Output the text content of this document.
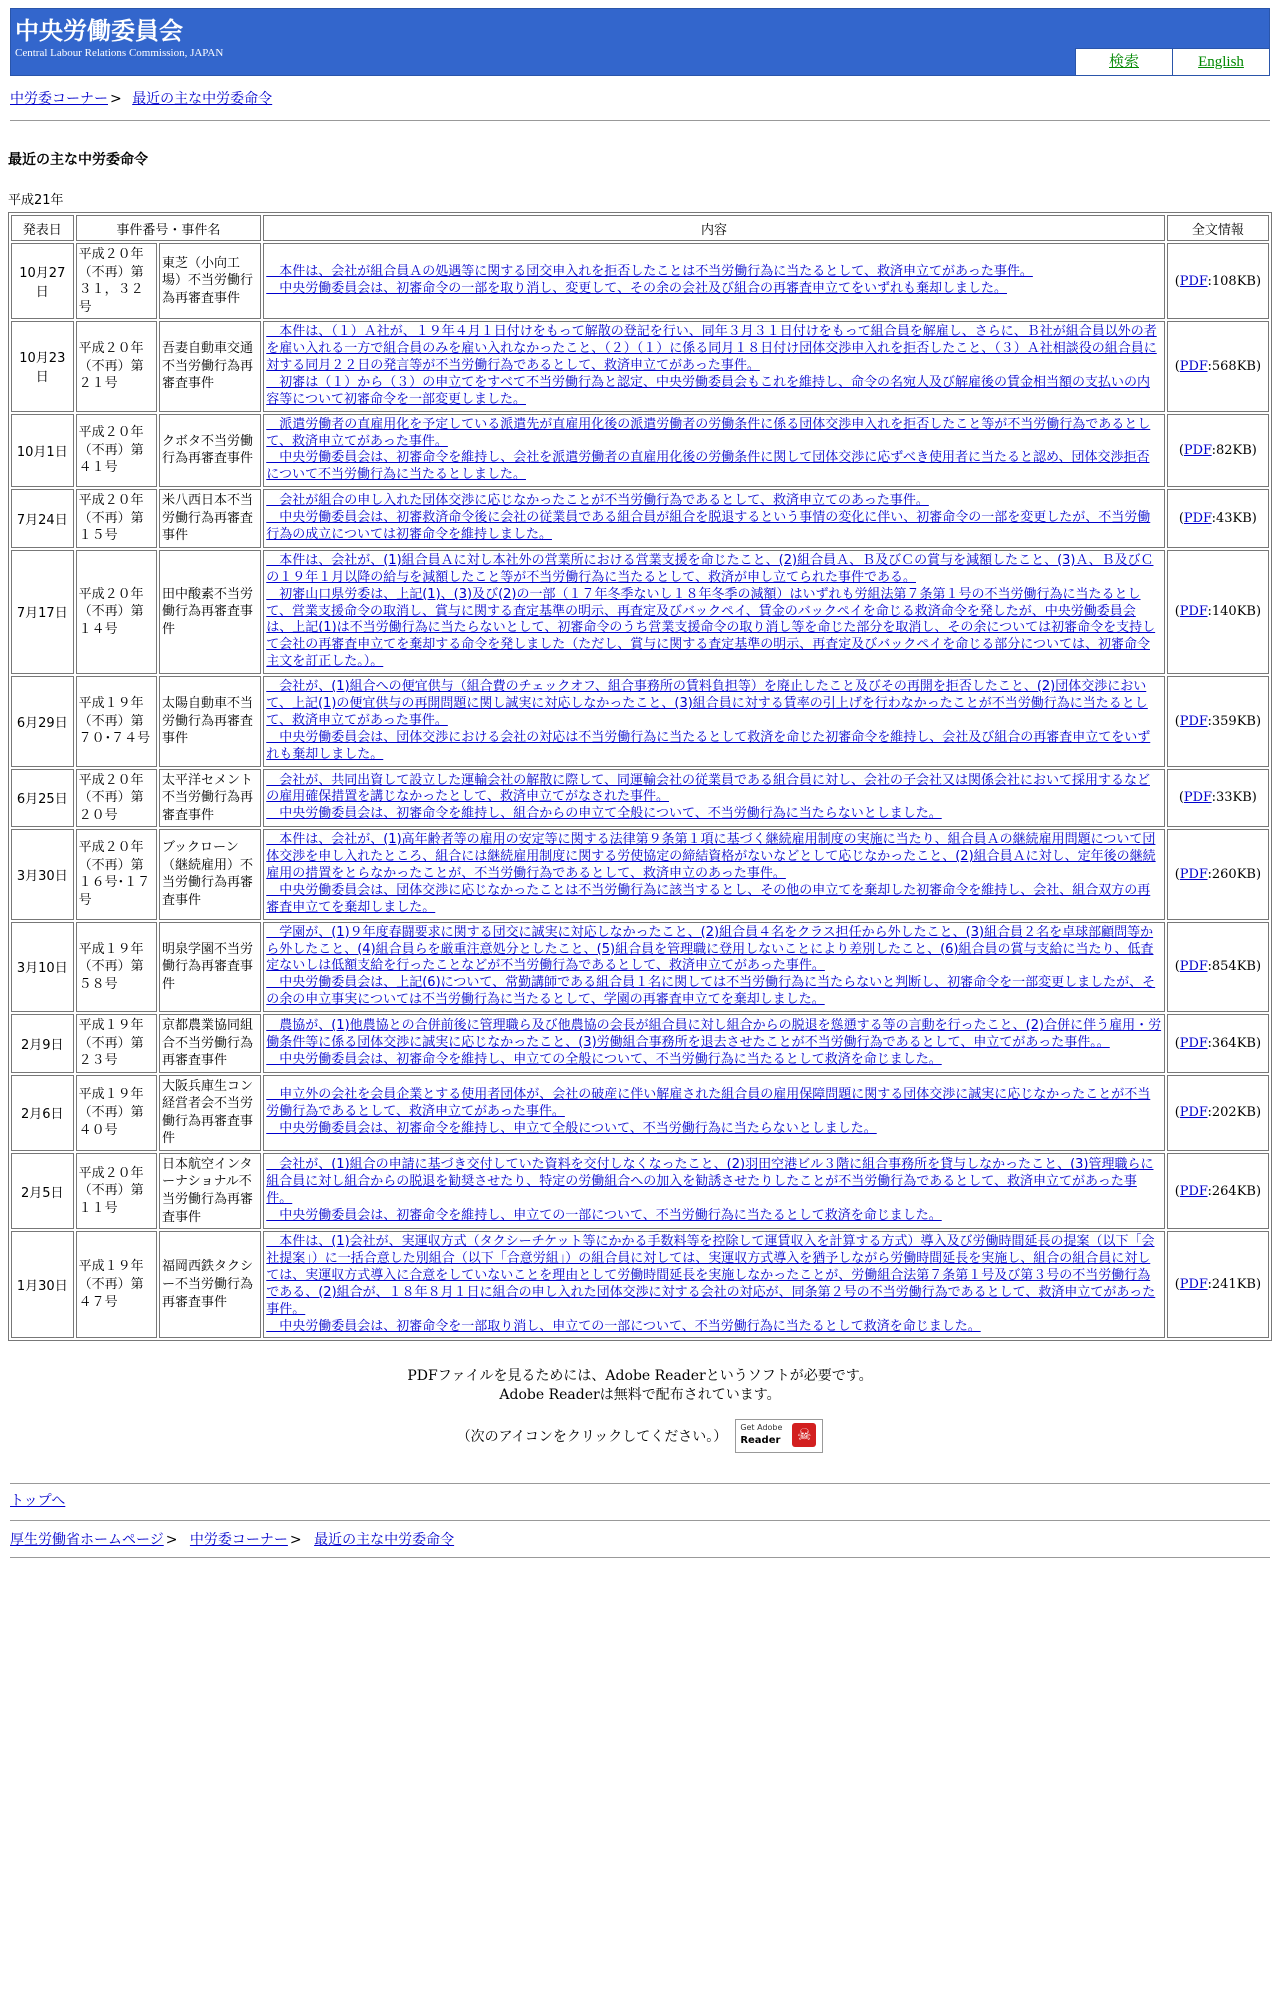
中央労働委員会
Central Labour Relations Commission, JAPAN
検索	English
中労委コーナー > 最近の主な中労委命令
最近の主な中労委命令
平成21年
発表日	事件番号・事件名		内容	全文情報
10月27日	平成２０年（不再）第３１，３２号	東芝（小向工場）不当労働行為再審査事件	　本件は、会社が組合員Ａの処遇等に関する団交申入れを拒否したことは不当労働行為に当たるとして、救済申立てがあった事件。
　中央労働委員会は、初審命令の一部を取り消し、変更して、その余の会社及び組合の再審査申立てをいずれも棄却しました。	(PDF:108KB)
10月23日	平成２０年（不再）第２１号	吾妻自動車交通不当労働行為再審査事件	　本件は、（１）Ａ社が、１９年４月１日付けをもって解散の登記を行い、同年３月３１日付けをもって組合員を解雇し、さらに、Ｂ社が組合員以外の者を雇い入れる一方で組合員のみを雇い入れなかったこと、（２）（１）に係る同月１８日付け団体交渉申入れを拒否したこと、（３）Ａ社相談役の組合員に対する同月２２日の発言等が不当労働行為であるとして、救済申立てがあった事件。
　初審は（１）から（３）の申立てをすべて不当労働行為と認定、中央労働委員会もこれを維持し、命令の名宛人及び解雇後の賃金相当額の支払いの内容等について初審命令を一部変更しました。	(PDF:568KB)
10月1日	平成２０年（不再）第４１号	クボタ不当労働行為再審査事件	　派遣労働者の直雇用化を予定している派遣先が直雇用化後の派遣労働者の労働条件に係る団体交渉申入れを拒否したこと等が不当労働行為であるとして、救済申立てがあった事件。
　中央労働委員会は、初審命令を維持し、会社を派遣労働者の直雇用化後の労働条件に関して団体交渉に応ずべき使用者に当たると認め、団体交渉拒否について不当労働行為に当たるとしました。	(PDF:82KB)
7月24日	平成２０年（不再）第１５号	米八西日本不当労働行為再審査事件	　会社が組合の申し入れた団体交渉に応じなかったことが不当労働行為であるとして、救済申立てのあった事件。
　中央労働委員会は、初審救済命令後に会社の従業員である組合員が組合を脱退するという事情の変化に伴い、初審命令の一部を変更したが、不当労働行為の成立については初審命令を維持しました。	(PDF:43KB)
7月17日	平成２０年（不再）第１４号	田中酸素不当労働行為再審査事件	　本件は、会社が、(1)組合員Ａに対し本社外の営業所における営業支援を命じたこと、(2)組合員Ａ、Ｂ及びＣの賞与を減額したこと、(3)Ａ、Ｂ及びＣの１９年１月以降の給与を減額したこと等が不当労働行為に当たるとして、救済が申し立てられた事件である。
　初審山口県労委は、上記(1)、(3)及び(2)の一部（１７年冬季ないし１８年冬季の減額）はいずれも労組法第７条第１号の不当労働行為に当たるとして、営業支援命令の取消し、賞与に関する査定基準の明示、再査定及びバックペイ、賃金のバックペイを命じる救済命令を発したが、中央労働委員会は、上記(1)は不当労働行為に当たらないとして、初審命令のうち営業支援命令の取り消し等を命じた部分を取消し、その余については初審命令を支持して会社の再審査申立てを棄却する命令を発しました（ただし、賞与に関する査定基準の明示、再査定及びバックペイを命じる部分については、初審命令主文を訂正した。）。	(PDF:140KB)
6月29日	平成１９年（不再）第７０･７４号	太陽自動車不当労働行為再審査事件	　会社が、(1)組合への便宜供与（組合費のチェックオフ、組合事務所の賃料負担等）を廃止したこと及びその再開を拒否したこと、(2)団体交渉において、上記(1)の便宜供与の再開問題に関し誠実に対応しなかったこと、(3)組合員に対する賃率の引上げを行わなかったことが不当労働行為に当たるとして、救済申立てがあった事件。
　中央労働委員会は、団体交渉における会社の対応は不当労働行為に当たるとして救済を命じた初審命令を維持し、会社及び組合の再審査申立てをいずれも棄却しました。	(PDF:359KB)
6月25日	平成２０年（不再）第２０号	太平洋セメント不当労働行為再審査事件	　会社が、共同出資して設立した運輸会社の解散に際して、同運輸会社の従業員である組合員に対し、会社の子会社又は関係会社において採用するなどの雇用確保措置を講じなかったとして、救済申立てがなされた事件。
　中央労働委員会は、初審命令を維持し、組合からの申立て全般について、不当労働行為に当たらないとしました。	(PDF:33KB)
3月30日	平成２０年（不再）第１６号･１７号	ブックローン（継続雇用）不当労働行為再審査事件	　本件は、会社が、(1)高年齢者等の雇用の安定等に関する法律第９条第１項に基づく継続雇用制度の実施に当たり、組合員Ａの継続雇用問題について団体交渉を申し入れたところ、組合には継続雇用制度に関する労使協定の締結資格がないなどとして応じなかったこと、(2)組合員Ａに対し、定年後の継続雇用の措置をとらなかったことが、不当労働行為であるとして、救済申立のあった事件。
　中央労働委員会は、団体交渉に応じなかったことは不当労働行為に該当するとし、その他の申立てを棄却した初審命令を維持し、会社、組合双方の再審査申立てを棄却しました。	(PDF:260KB)
3月10日	平成１９年（不再）第５８号	明泉学園不当労働行為再審査事件	　学園が、(1)９年度春闘要求に関する団交に誠実に対応しなかったこと、(2)組合員４名をクラス担任から外したこと、(3)組合員２名を卓球部顧問等から外したこと、(4)組合員らを厳重注意処分としたこと、(5)組合員を管理職に登用しないことにより差別したこと、(6)組合員の賞与支給に当たり、低査定ないしは低額支給を行ったことなどが不当労働行為であるとして、救済申立てがあった事件。
　中央労働委員会は、上記(6)について、常勤講師である組合員１名に関しては不当労働行為に当たらないと判断し、初審命令を一部変更しましたが、その余の申立事実については不当労働行為に当たるとして、学園の再審査申立てを棄却しました。	(PDF:854KB)
2月9日	平成１９年（不再）第２３号	京都農業協同組合不当労働行為再審査事件	　農協が、(1)他農協との合併前後に管理職ら及び他農協の会長が組合員に対し組合からの脱退を慫慂する等の言動を行ったこと、(2)合併に伴う雇用・労働条件等に係る団体交渉に誠実に応じなかったこと、(3)労働組合事務所を退去させたことが不当労働行為であるとして、申立てがあった事件。。
　中央労働委員会は、初審命令を維持し、申立ての全般について、不当労働行為に当たるとして救済を命じました。	(PDF:364KB)
2月6日	平成１９年（不再）第４０号	大阪兵庫生コン経営者会不当労働行為再審査事件	　申立外の会社を会員企業とする使用者団体が、会社の破産に伴い解雇された組合員の雇用保障問題に関する団体交渉に誠実に応じなかったことが不当労働行為であるとして、救済申立てがあった事件。
　中央労働委員会は、初審命令を維持し、申立て全般について、不当労働行為に当たらないとしました。	(PDF:202KB)
2月5日	平成２０年（不再）第１１号	日本航空インターナショナル不当労働行為再審査事件	　会社が、(1)組合の申請に基づき交付していた資料を交付しなくなったこと、(2)羽田空港ビル３階に組合事務所を貸与しなかったこと、(3)管理職らに組合員に対し組合からの脱退を勧奨させたり、特定の労働組合への加入を勧誘させたりしたことが不当労働行為であるとして、救済申立てがあった事件。
　中央労働委員会は、初審命令を維持し、申立ての一部について、不当労働行為に当たるとして救済を命じました。	(PDF:264KB)
1月30日	平成１９年（不再）第４７号	福岡西鉄タクシー不当労働行為再審査事件	　本件は、(1)会社が、実運収方式（タクシーチケット等にかかる手数料等を控除して運賃収入を計算する方式）導入及び労働時間延長の提案（以下「会社提案」）に一括合意した別組合（以下「合意労組」）の組合員に対しては、実運収方式導入を猶予しながら労働時間延長を実施し、組合の組合員に対しては、実運収方式導入に合意をしていないことを理由として労働時間延長を実施しなかったことが、労働組合法第７条第１号及び第３号の不当労働行為である、(2)組合が、１８年８月１日に組合の申し入れた団体交渉に対する会社の対応が、同条第２号の不当労働行為であるとして、救済申立てがあった事件。
　中央労働委員会は、初審命令を一部取り消し、申立ての一部について、不当労働行為に当たるとして救済を命じました。	(PDF:241KB)
PDFファイルを見るためには、Adobe Readerというソフトが必要です。
Adobe Readerは無料で配布されています。
（次のアイコンをクリックしてください。）
Get Adobe
Reader	☠
トップへ
厚生労働省ホームページ > 中労委コーナー > 最近の主な中労委命令
